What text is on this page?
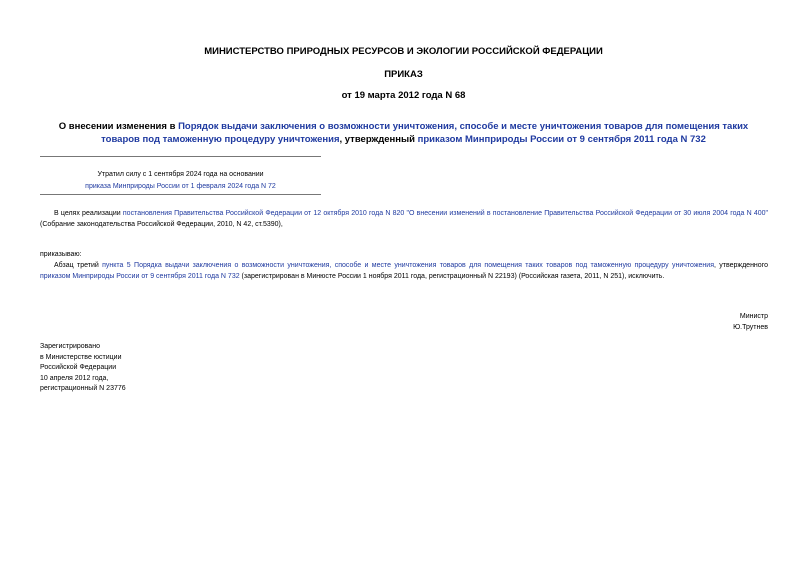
МИНИСТЕРСТВО ПРИРОДНЫХ РЕСУРСОВ И ЭКОЛОГИИ РОССИЙСКОЙ ФЕДЕРАЦИИ
ПРИКАЗ
от 19 марта 2012 года N 68
О внесении изменения в Порядок выдачи заключения о возможности уничтожения, способе и месте уничтожения товаров для помещения таких товаров под таможенную процедуру уничтожения, утвержденный приказом Минприроды России от 9 сентября 2011 года N 732
Утратил силу с 1 сентября 2024 года на основании
приказа Минприроды России от 1 февраля 2024 года N 72
В целях реализации постановления Правительства Российской Федерации от 12 октября 2010 года N 820 "О внесении изменений в постановление Правительства Российской Федерации от 30 июля 2004 года N 400" (Собрание законодательства Российской Федерации, 2010, N 42, ст.5390),
приказываю:
Абзац третий пункта 5 Порядка выдачи заключения о возможности уничтожения, способе и месте уничтожения товаров для помещения таких товаров под таможенную процедуру уничтожения, утвержденного приказом Минприроды России от 9 сентября 2011 года N 732 (зарегистрирован в Минюсте России 1 ноября 2011 года, регистрационный N 22193) (Российская газета, 2011, N 251), исключить.
Министр
Ю.Трутнев
Зарегистрировано
в Министерстве юстиции
Российской Федерации
10 апреля 2012 года,
регистрационный N 23776
